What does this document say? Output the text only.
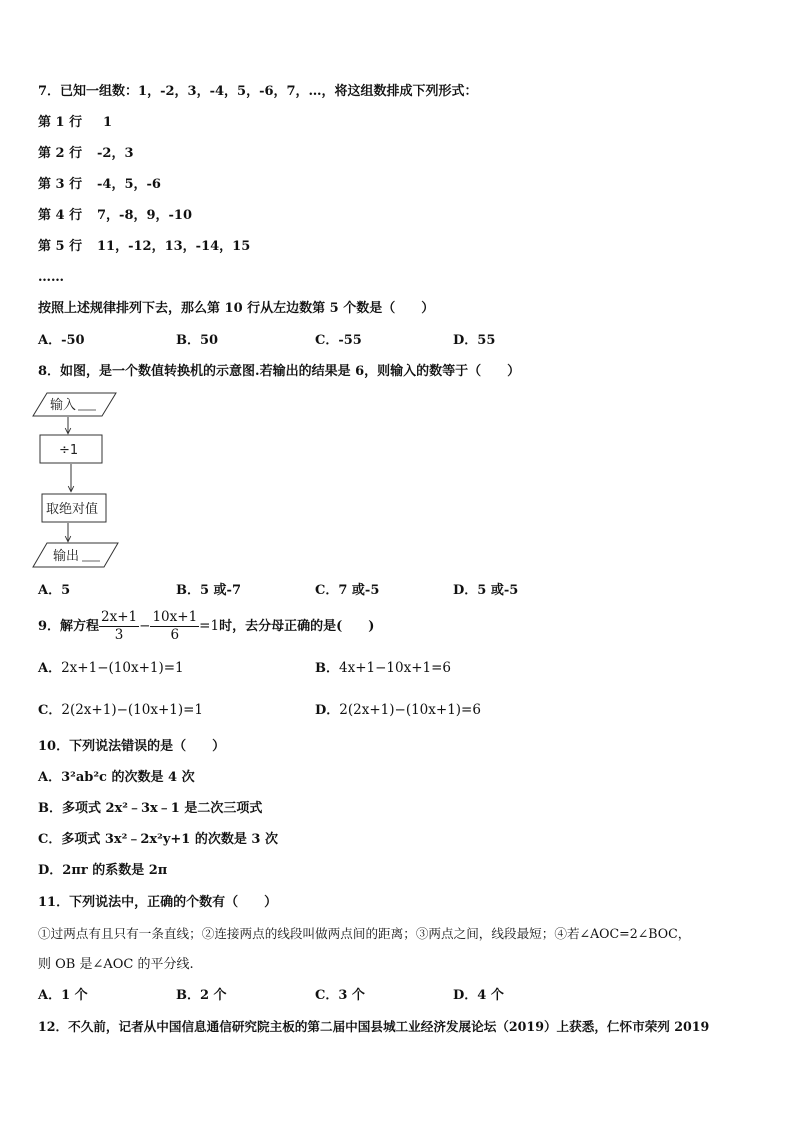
7．已知一组数：1，-2，3，-4，5，-6，7，…，将这组数排成下列形式：
第 1 行 1
第 2 行 -2，3
第 3 行 -4，5，-6
第 4 行 7，-8，9，-10
第 5 行 11，-12，13，-14，15
……
按照上述规律排列下去，那么第 10 行从左边数第 5 个数是（　　）
A．-50	B．50	C．-55	D．55
8．如图，是一个数值转换机的示意图.若输出的结果是 6，则输入的数等于（　　）
输入
÷1
取绝对值
输出
A．5	B．5 或-7	C．7 或-5	D．5 或-5
9．解方程 $\frac{2x+1}{3} - \frac{10x+1}{6} =1$时，去分母正确的是(　　)
A．2x+1−(10x+1)=1	B．4x+1−10x+1=6
C．2(2x+1)−(10x+1)=1	D．2(2x+1)−(10x+1)=6
10．下列说法错误的是（　　）
A．3²ab²c 的次数是 4 次
B．多项式 2x²﹣3x﹣1 是二次三项式
C．多项式 3x²﹣2x²y+1 的次数是 3 次
D．2πr 的系数是 2π
11．下列说法中，正确的个数有（　　）
①过两点有且只有一条直线；②连接两点的线段叫做两点间的距离；③两点之间，线段最短；④若∠AOC=2∠BOC，
则 OB 是∠AOC 的平分线.
A．1 个	B．2 个	C．3 个	D．4 个
12．不久前，记者从中国信息通信研究院主板的第二届中国县城工业经济发展论坛（2019）上获悉，仁怀市荣列 2019
